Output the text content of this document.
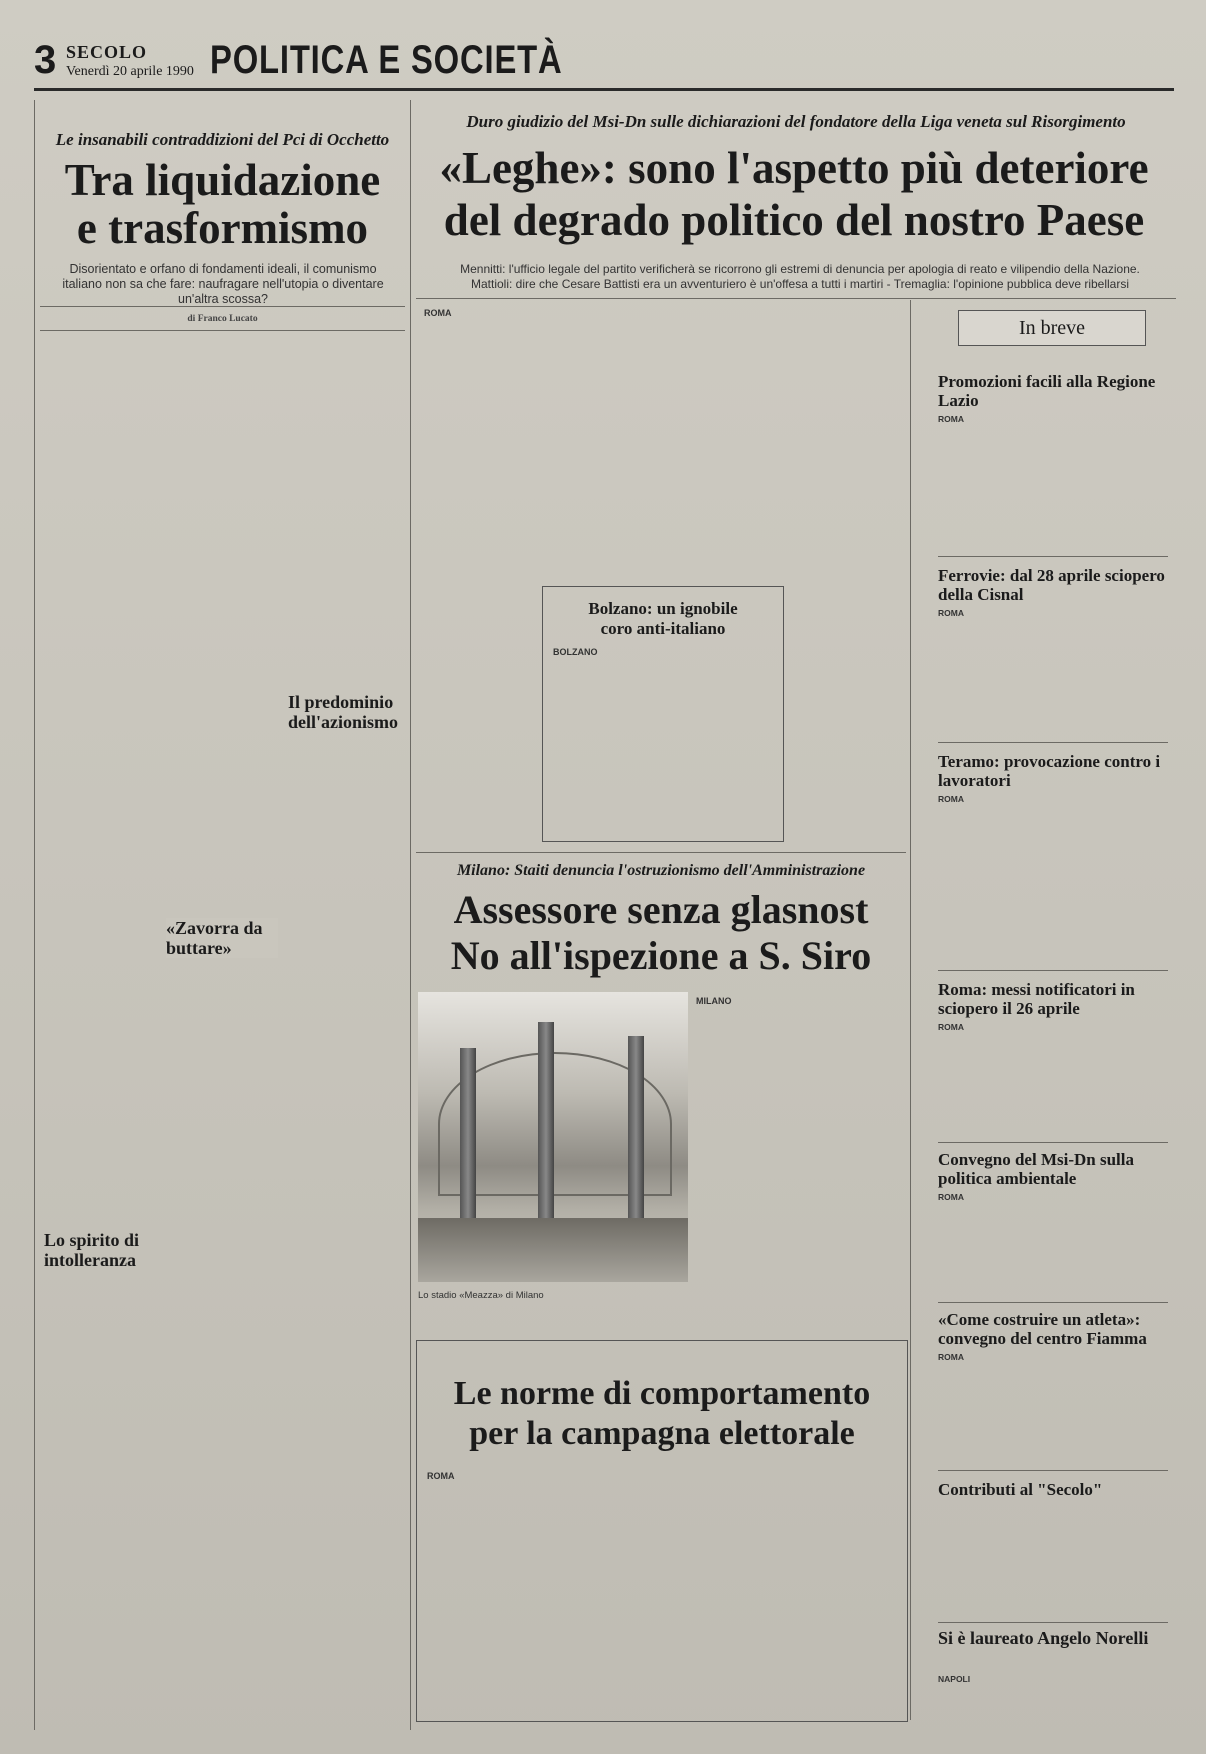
3 SECOLO
Venerdì 20 aprile 1990 POLITICA E SOCIETÀ
Le insanabili contraddizioni del Pci di Occhetto
Tra liquidazione
e trasformismo
Disorientato e orfano di fondamenti ideali, il comunismo italiano non sa che fare: naufragare nell'utopia o diventare un'altra scossa?
di Franco Lucato

Lo spirito di intolleranza
«Zavorra da buttare»
Il predominio dell'azionismo
Duro giudizio del Msi-Dn sulle dichiarazioni del fondatore della Liga veneta sul Risorgimento
«Leghe»: sono l'aspetto più deteriore
del degrado politico del nostro Paese
Mennitti: l'ufficio legale del partito verificherà se ricorrono gli estremi di denuncia per apologia di reato e vilipendio della Nazione. Mattioli: dire che Cesare Battisti era un avventuriero è un'offesa a tutti i martiri - Tremaglia: l'opinione pubblica deve ribellarsi
ROMA
Bolzano: un ignobile
coro anti-italiano
BOLZANO
Milano: Staiti denuncia l'ostruzionismo dell'Amministrazione
Assessore senza glasnost
No all'ispezione a S. Siro
Lo stadio «Meazza» di Milano
MILANO
Le norme di comportamento
per la campagna elettorale
ROMA
In breve
Promozioni facili alla Regione Lazio
ROMA
Ferrovie: dal 28 aprile sciopero della Cisnal
ROMA
Teramo: provocazione contro i lavoratori
ROMA
Roma: messi notificatori in sciopero il 26 aprile
ROMA
Convegno del Msi-Dn sulla politica ambientale
ROMA
«Come costruire un atleta»: convegno del centro Fiamma
ROMA
Contributi al "Secolo"
Si è laureato Angelo Norelli
NAPOLI
